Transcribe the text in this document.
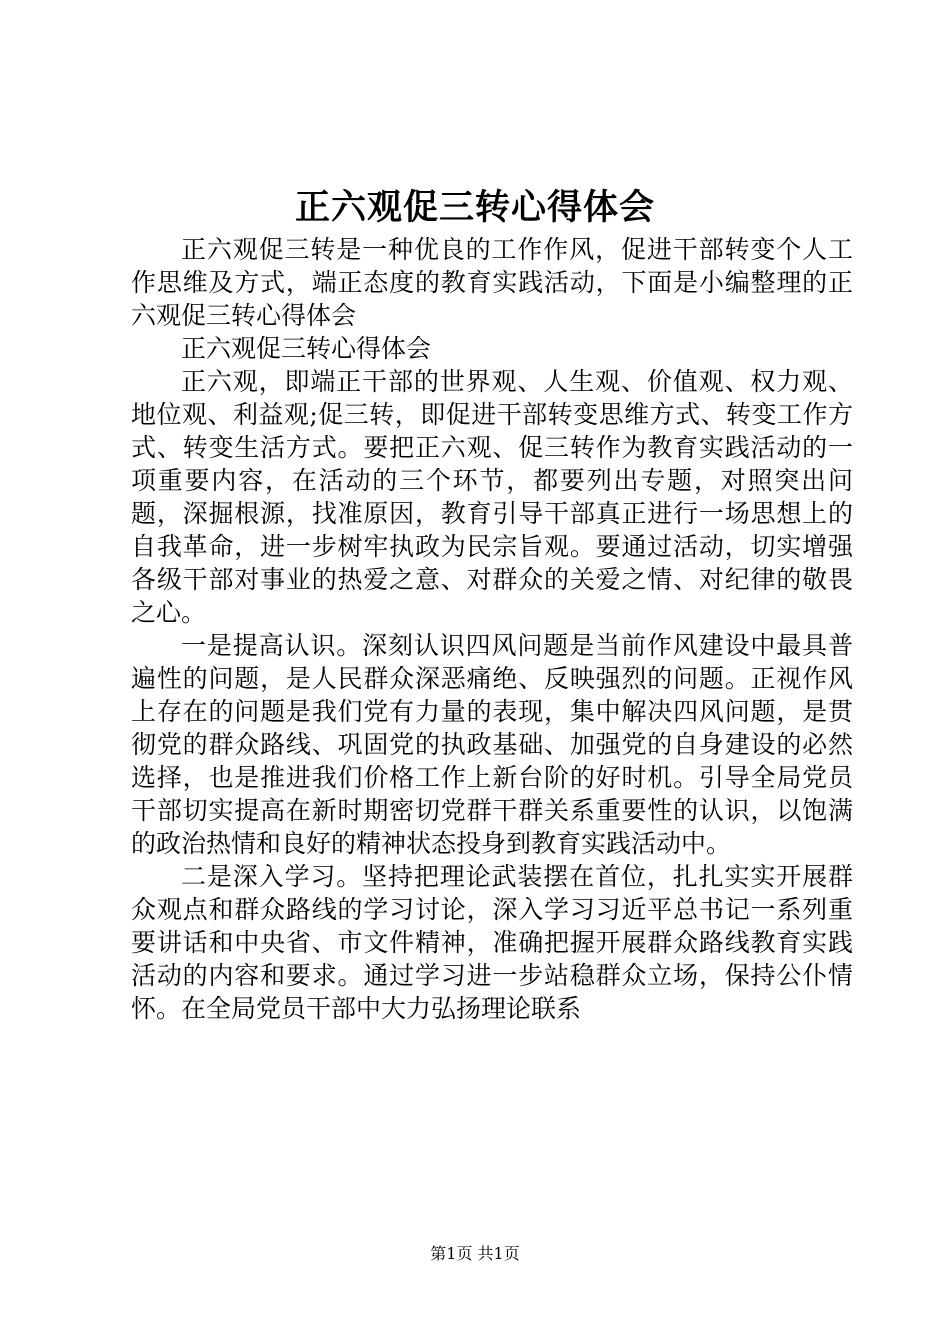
正六观促三转心得体会

正六观促三转是一种优良的工作作风，促进干部转变个人工作思维及方式，端正态度的教育实践活动，下面是小编整理的正六观促三转心得体会

正六观促三转心得体会

正六观，即端正干部的世界观、人生观、价值观、权力观、地位观、利益观;促三转，即促进干部转变思维方式、转变工作方式、转变生活方式。要把正六观、促三转作为教育实践活动的一项重要内容，在活动的三个环节，都要列出专题，对照突出问题，深掘根源，找准原因，教育引导干部真正进行一场思想上的自我革命，进一步树牢执政为民宗旨观。要通过活动，切实增强各级干部对事业的热爱之意、对群众的关爱之情、对纪律的敬畏之心。

一是提高认识。深刻认识四风问题是当前作风建设中最具普遍性的问题，是人民群众深恶痛绝、反映强烈的问题。正视作风上存在的问题是我们党有力量的表现，集中解决四风问题，是贯彻党的群众路线、巩固党的执政基础、加强党的自身建设的必然选择，也是推进我们价格工作上新台阶的好时机。引导全局党员干部切实提高在新时期密切党群干群关系重要性的认识，以饱满的政治热情和良好的精神状态投身到教育实践活动中。

二是深入学习。坚持把理论武装摆在首位，扎扎实实开展群众观点和群众路线的学习讨论，深入学习习近平总书记一系列重要讲话和中央省、市文件精神，准确把握开展群众路线教育实践活动的内容和要求。通过学习进一步站稳群众立场，保持公仆情怀。在全局党员干部中大力弘扬理论联系

第1页 共1页
